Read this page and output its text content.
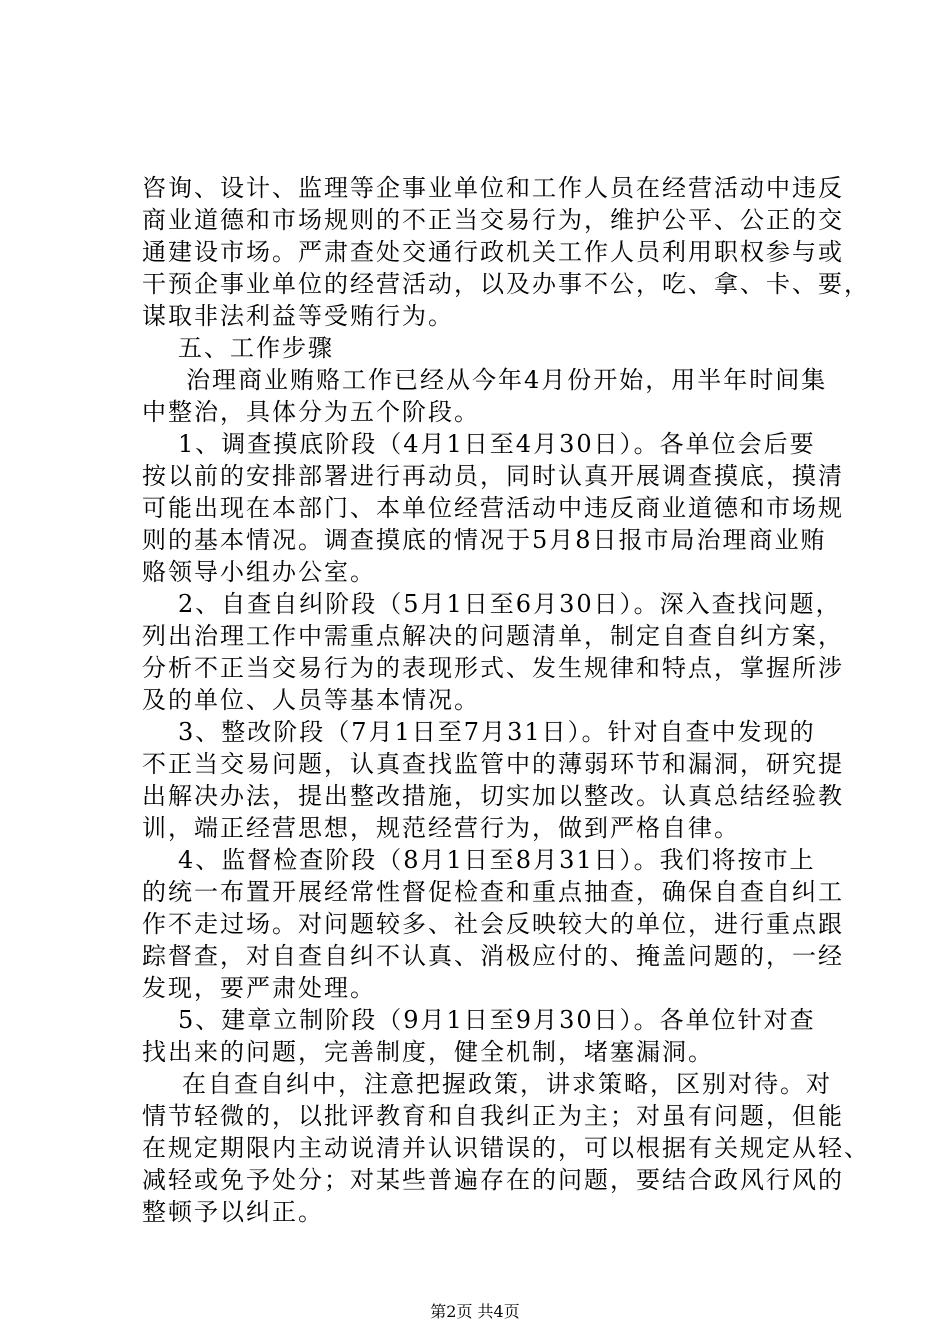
咨询、设计、监理等企事业单位和工作人员在经营活动中违反
商业道德和市场规则的不正当交易行为，维护公平、公正的交
通建设市场。严肃查处交通行政机关工作人员利用职权参与或
干预企事业单位的经营活动，以及办事不公，吃、拿、卡、要，
谋取非法利益等受贿行为。
五、工作步骤
治理商业贿赂工作已经从今年4月份开始，用半年时间集
中整治，具体分为五个阶段。
1、调查摸底阶段（4月1日至4月30日）。各单位会后要
按以前的安排部署进行再动员，同时认真开展调查摸底，摸清
可能出现在本部门、本单位经营活动中违反商业道德和市场规
则的基本情况。调查摸底的情况于5月8日报市局治理商业贿
赂领导小组办公室。
2、自查自纠阶段（5月1日至6月30日）。深入查找问题，
列出治理工作中需重点解决的问题清单，制定自查自纠方案，
分析不正当交易行为的表现形式、发生规律和特点，掌握所涉
及的单位、人员等基本情况。
3、整改阶段（7月1日至7月31日）。针对自查中发现的
不正当交易问题，认真查找监管中的薄弱环节和漏洞，研究提
出解决办法，提出整改措施，切实加以整改。认真总结经验教
训，端正经营思想，规范经营行为，做到严格自律。
4、监督检查阶段（8月1日至8月31日）。我们将按市上
的统一布置开展经常性督促检查和重点抽查，确保自查自纠工
作不走过场。对问题较多、社会反映较大的单位，进行重点跟
踪督查，对自查自纠不认真、消极应付的、掩盖问题的，一经
发现，要严肃处理。
5、建章立制阶段（9月1日至9月30日）。各单位针对查
找出来的问题，完善制度，健全机制，堵塞漏洞。
在自查自纠中，注意把握政策，讲求策略，区别对待。对
情节轻微的，以批评教育和自我纠正为主；对虽有问题，但能
在规定期限内主动说清并认识错误的，可以根据有关规定从轻、
减轻或免予处分；对某些普遍存在的问题，要结合政风行风的
整顿予以纠正。
第2页 共4页
